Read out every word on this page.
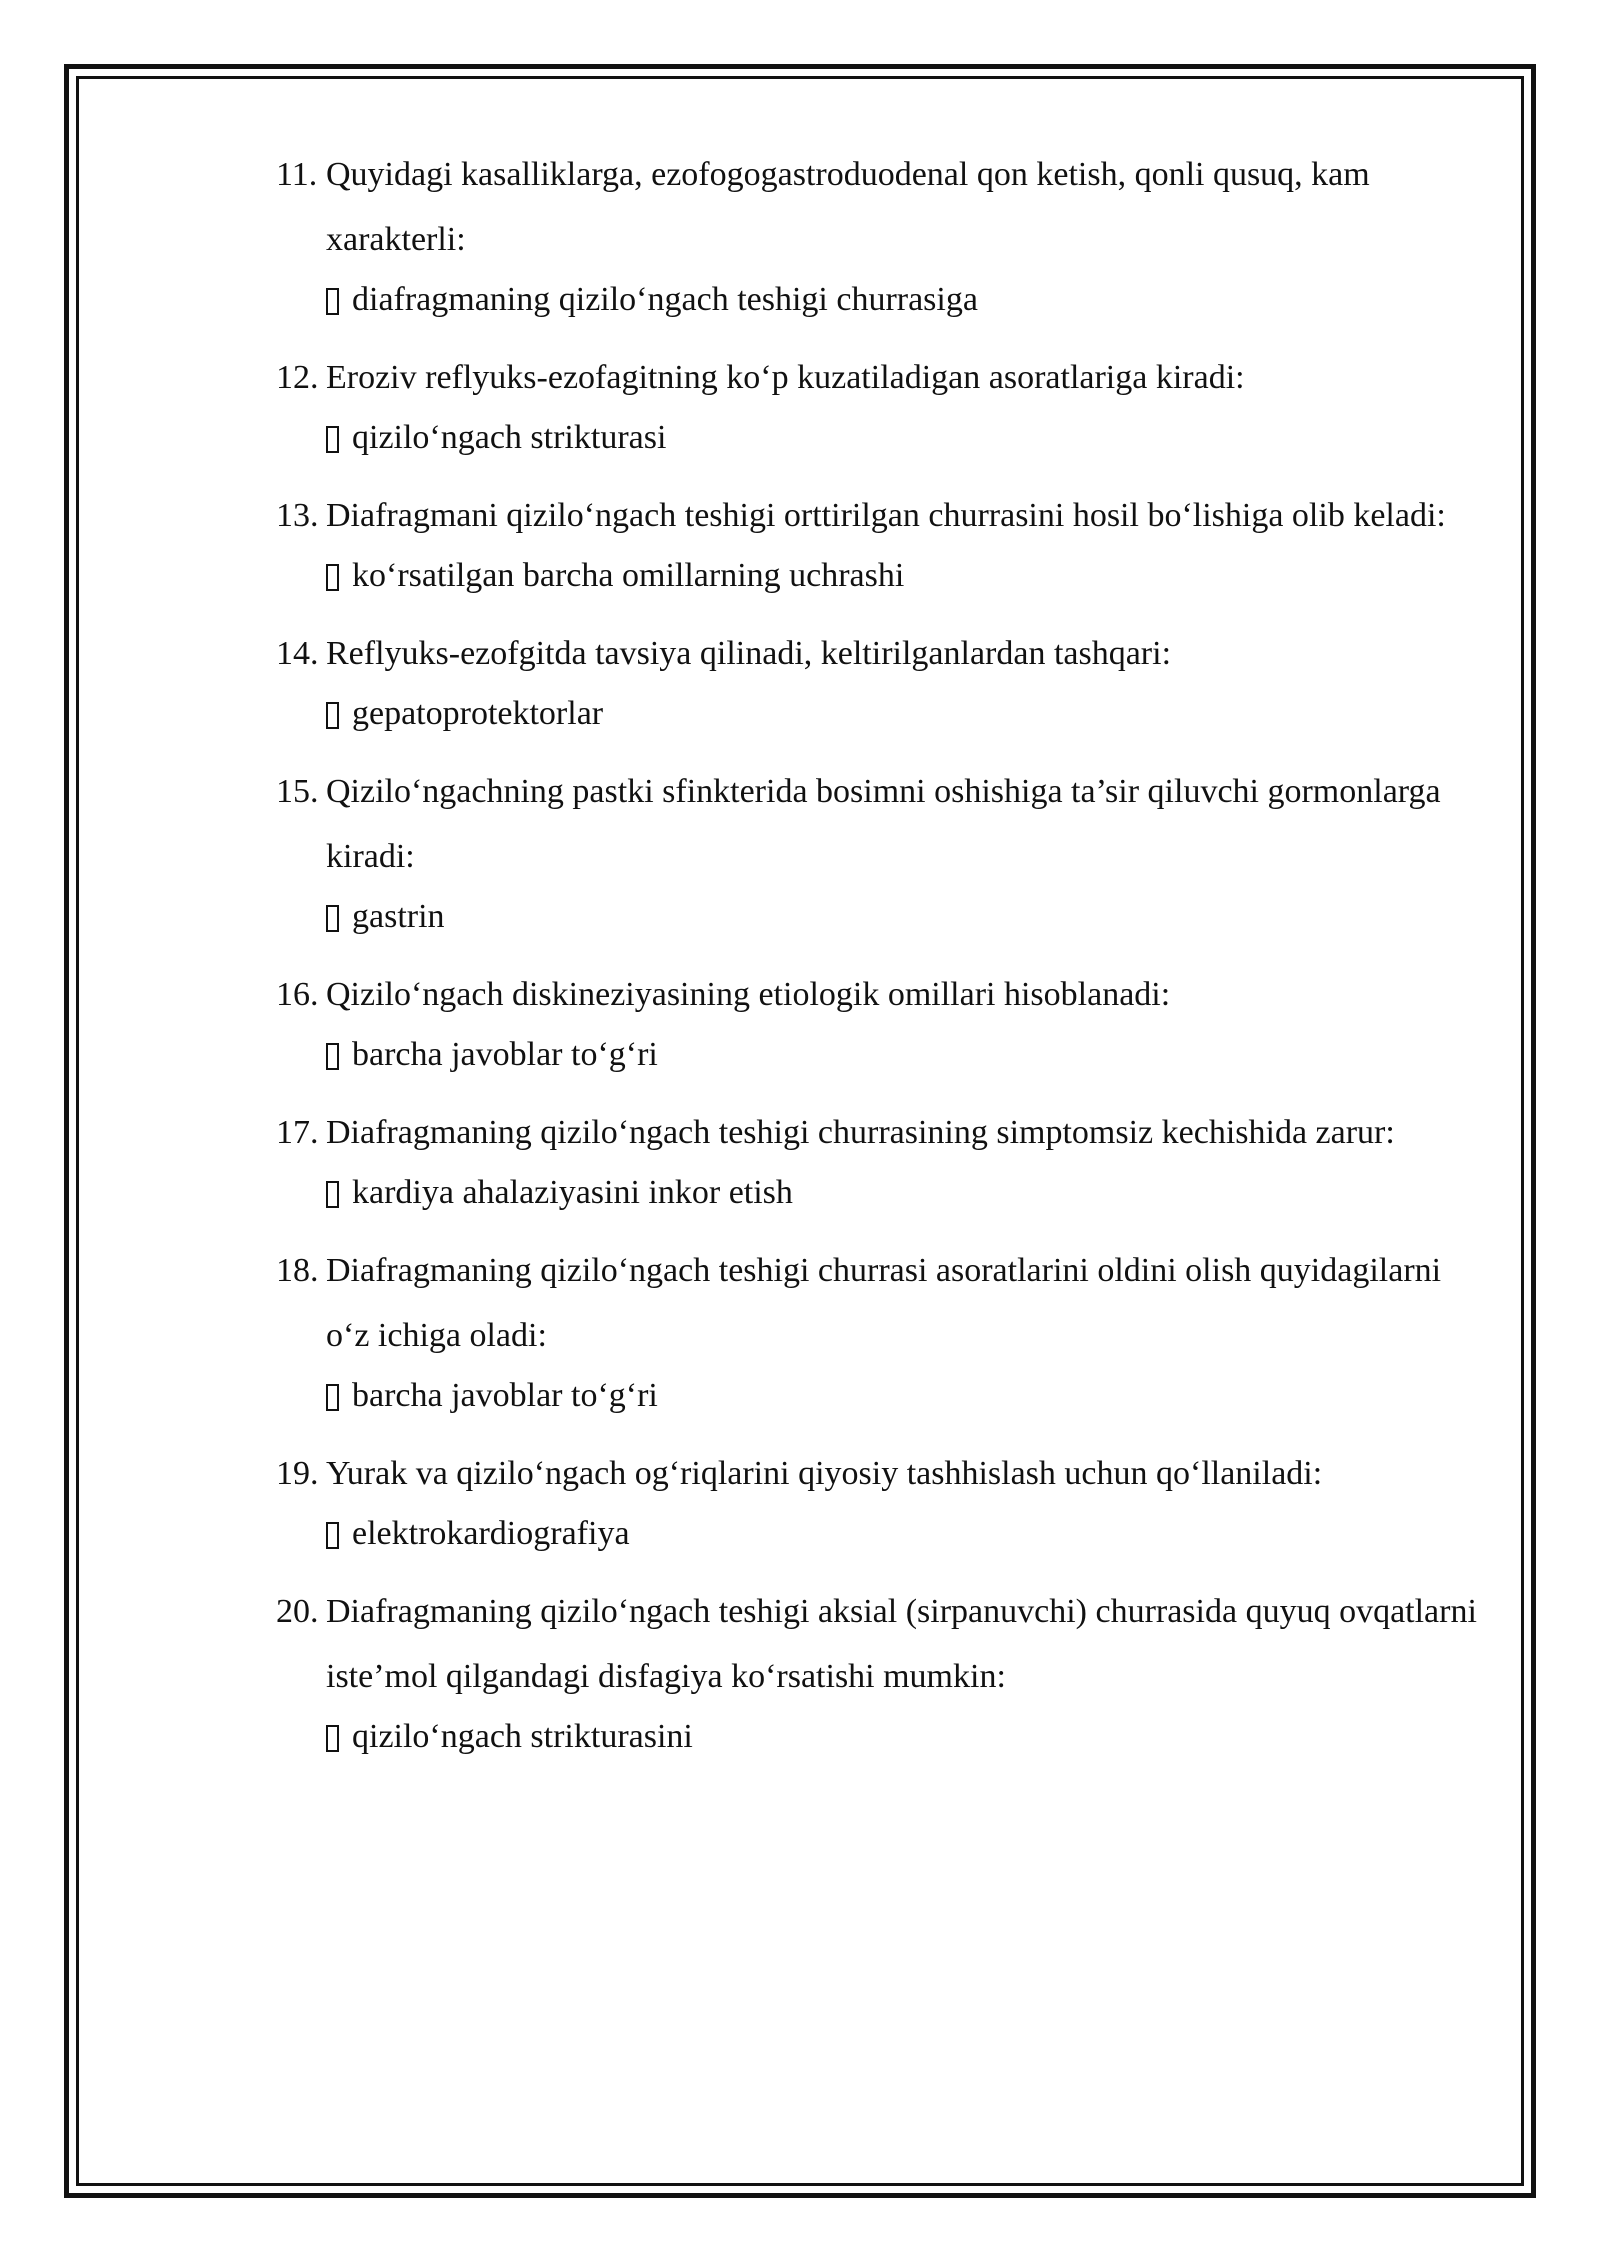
11. Quyidagi kasalliklarga, ezofogogastroduodenal qon ketish, qonli qusuq, kam xarakterli:
diafragmaning qizilo‘ngach teshigi churrasiga
12. Eroziv reflyuks-ezofagitning ko‘p kuzatiladigan asoratlariga kiradi:
qizilo‘ngach strikturasi
13. Diafragmani qizilo‘ngach teshigi orttirilgan churrasini hosil bo‘lishiga olib keladi:
ko‘rsatilgan barcha omillarning uchrashi
14. Reflyuks-ezofgitda tavsiya qilinadi, keltirilganlardan tashqari:
gepatoprotektorlar
15. Qizilo‘ngachning pastki sfinkterida bosimni oshishiga ta’sir qiluvchi gormonlarga kiradi:
gastrin
16. Qizilo‘ngach diskineziyasining etiologik omillari hisoblanadi:
barcha javoblar to‘g‘ri
17. Diafragmaning qizilo‘ngach teshigi churrasining simptomsiz kechishida zarur:
kardiya ahalaziyasini inkor etish
18. Diafragmaning qizilo‘ngach teshigi churrasi asoratlarini oldini olish quyidagilarni o‘z ichiga oladi:
barcha javoblar to‘g‘ri
19. Yurak va qizilo‘ngach og‘riqlarini qiyosiy tashhislash uchun qo‘llaniladi:
elektrokardiografiya
20. Diafragmaning qizilo‘ngach teshigi aksial (sirpanuvchi) churrasida quyuq ovqatlarni iste’mol qilgandagi disfagiya ko‘rsatishi mumkin:
qizilo‘ngach strikturasini
